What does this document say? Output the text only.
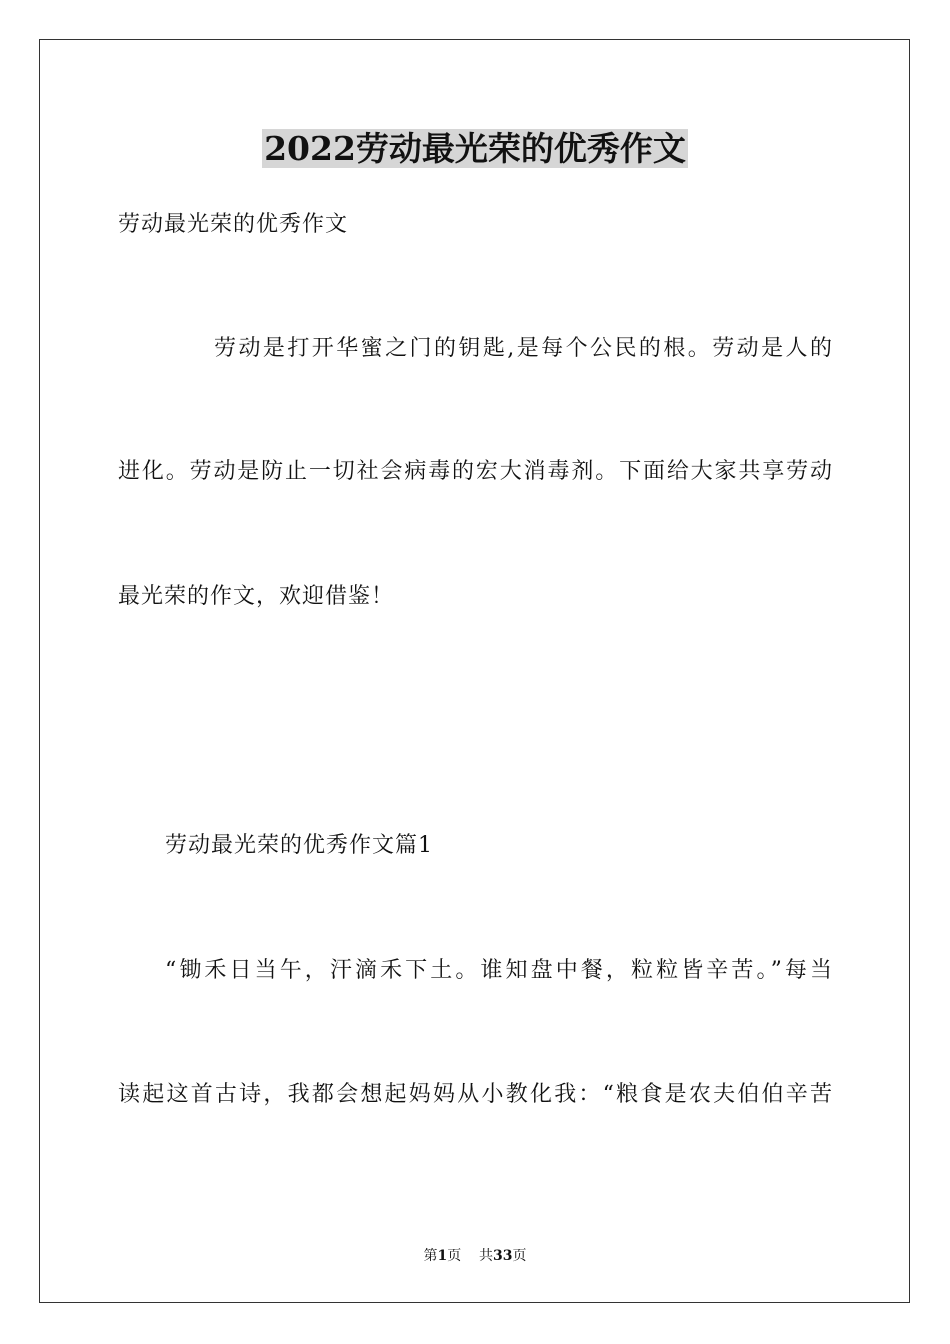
2022劳动最光荣的优秀作文
劳动最光荣的优秀作文
劳动是打开华蜜之门的钥匙,是每个公民的根。劳动是人的
进化。劳动是防止一切社会病毒的宏大消毒剂。下面给大家共享劳动
最光荣的作文，欢迎借鉴！
劳动最光荣的优秀作文篇1
“锄禾日当午，汗滴禾下土。谁知盘中餐，粒粒皆辛苦。”每当
读起这首古诗，我都会想起妈妈从小教化我：“粮食是农夫伯伯辛苦
第1页 共33页
